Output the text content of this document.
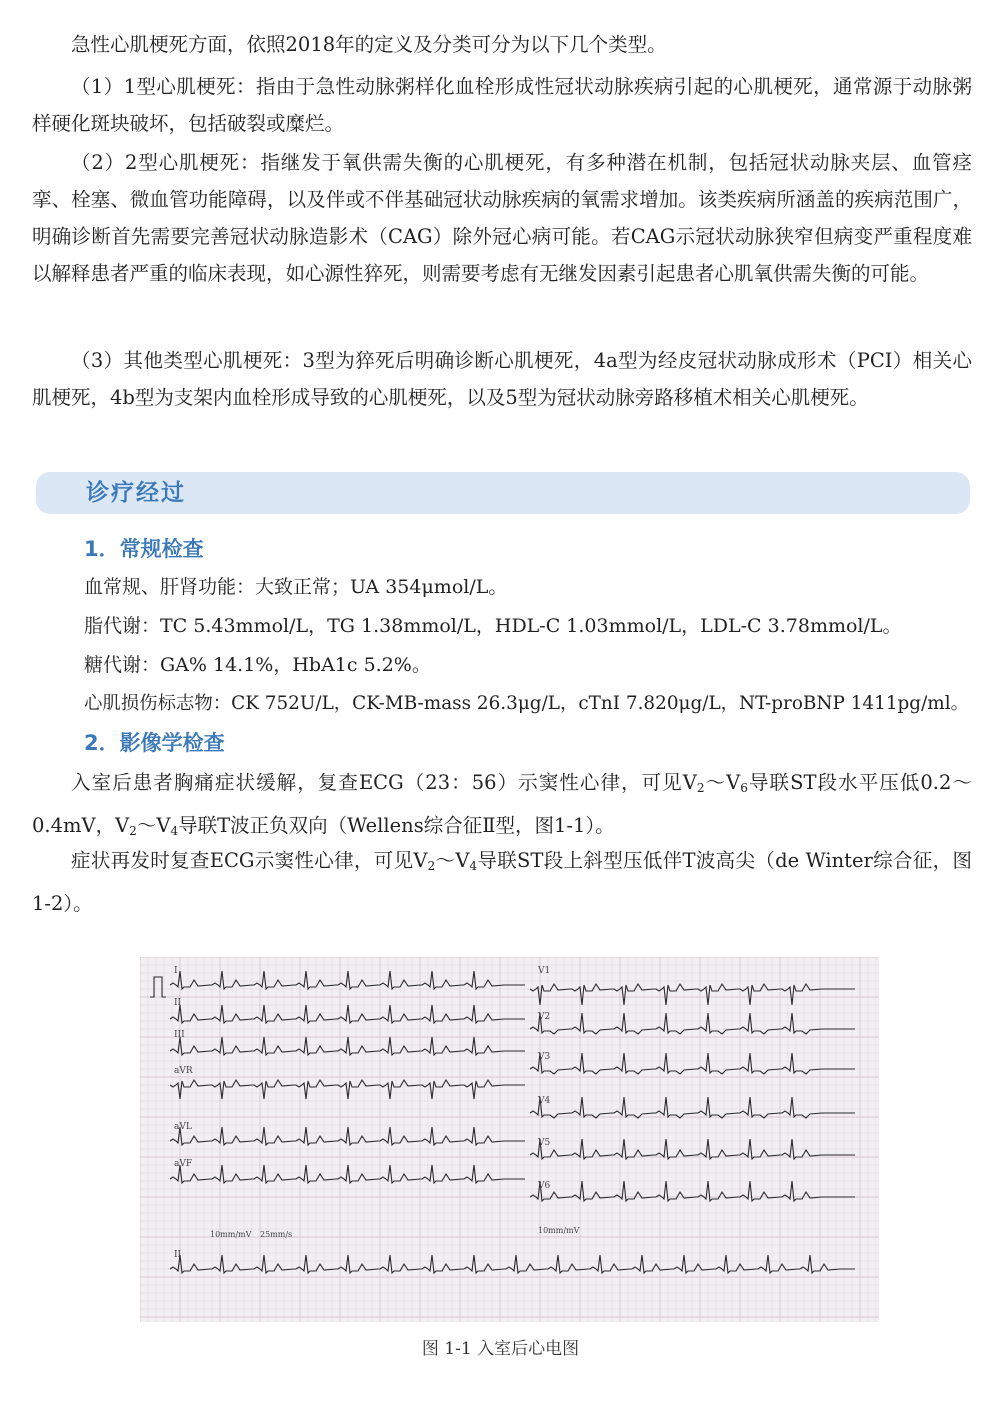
急性心肌梗死方面，依照2018年的定义及分类可分为以下几个类型。

（1）1型心肌梗死：指由于急性动脉粥样化血栓形成性冠状动脉疾病引起的心肌梗死，通常源于动脉粥样硬化斑块破坏，包括破裂或糜烂。

（2）2型心肌梗死：指继发于氧供需失衡的心肌梗死，有多种潜在机制，包括冠状动脉夹层、血管痉挛、栓塞、微血管功能障碍，以及伴或不伴基础冠状动脉疾病的氧需求增加。该类疾病所涵盖的疾病范围广，明确诊断首先需要完善冠状动脉造影术（CAG）除外冠心病可能。若CAG示冠状动脉狭窄但病变严重程度难以解释患者严重的临床表现，如心源性猝死，则需要考虑有无继发因素引起患者心肌氧供需失衡的可能。

（3）其他类型心肌梗死：3型为猝死后明确诊断心肌梗死，4a型为经皮冠状动脉成形术（PCI）相关心肌梗死，4b型为支架内血栓形成导致的心肌梗死，以及5型为冠状动脉旁路移植术相关心肌梗死。

诊疗经过
1．常规检查
血常规、肝肾功能：大致正常；UA 354μmol/L。
脂代谢：TC 5.43mmol/L，TG 1.38mmol/L，HDL-C 1.03mmol/L，LDL-C 3.78mmol/L。
糖代谢：GA% 14.1%，HbA1c 5.2%。
心肌损伤标志物：CK 752U/L，CK-MB-mass 26.3μg/L，cTnI 7.820μg/L，NT-proBNP 1411pg/ml。
2．影像学检查

入室后患者胸痛症状缓解，复查ECG（23：56）示窦性心律，可见$V_2\sim V_6$导联ST段水平压低0.2～0.4mV，$V_2\sim V_4$导联T波正负双向（Wellens综合征Ⅱ型，图1-1）。

症状再发时复查ECG示窦性心律，可见$V_2\sim V_4$导联ST段上斜型压低伴T波高尖（de Winter综合征，图1-2）。

I
II
III
aVR
aVL
aVF
V1
V2
V3
V4
V5
V6
II
10mm/mV 25mm/s	10mm/mV
图 1-1 入室后心电图
